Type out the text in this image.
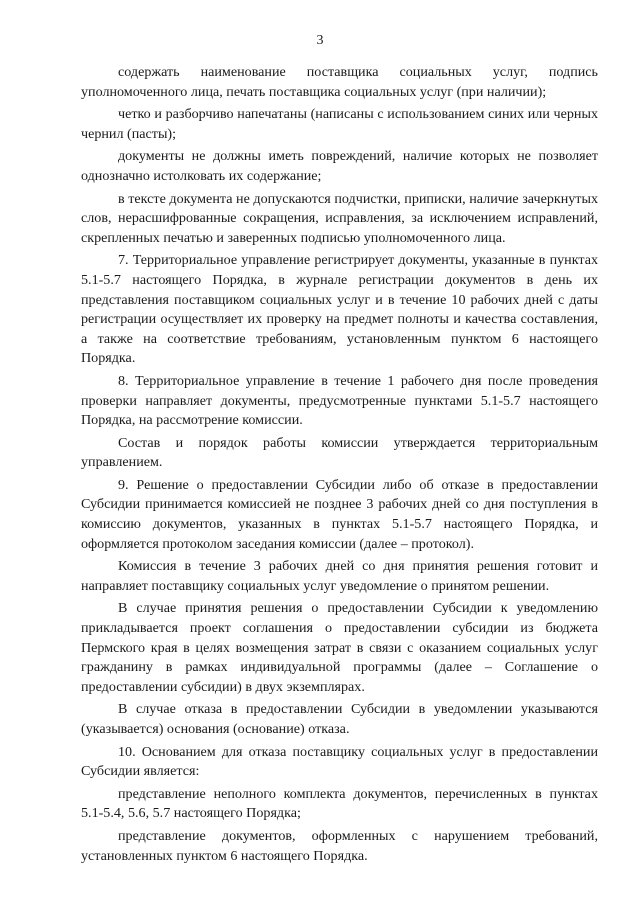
3

содержать наименование поставщика социальных услуг, подпись уполномоченного лица, печать поставщика социальных услуг (при наличии);

четко и разборчиво напечатаны (написаны с использованием синих или черных чернил (пасты);

документы не должны иметь повреждений, наличие которых не позволяет однозначно истолковать их содержание;

в тексте документа не допускаются подчистки, приписки, наличие зачеркнутых слов, нерасшифрованные сокращения, исправления, за исключением исправлений, скрепленных печатью и заверенных подписью уполномоченного лица.

7. Территориальное управление регистрирует документы, указанные в пунктах 5.1-5.7 настоящего Порядка, в журнале регистрации документов в день их представления поставщиком социальных услуг и в течение 10 рабочих дней с даты регистрации осуществляет их проверку на предмет полноты и качества составления, а также на соответствие требованиям, установленным пунктом 6 настоящего Порядка.

8. Территориальное управление в течение 1 рабочего дня после проведения проверки направляет документы, предусмотренные пунктами 5.1-5.7 настоящего Порядка, на рассмотрение комиссии.

Состав и порядок работы комиссии утверждается территориальным управлением.

9. Решение о предоставлении Субсидии либо об отказе в предоставлении Субсидии принимается комиссией не позднее 3 рабочих дней со дня поступления в комиссию документов, указанных в пунктах 5.1-5.7 настоящего Порядка, и оформляется протоколом заседания комиссии (далее – протокол).

Комиссия в течение 3 рабочих дней со дня принятия решения готовит и направляет поставщику социальных услуг уведомление о принятом решении.

В случае принятия решения о предоставлении Субсидии к уведомлению прикладывается проект соглашения о предоставлении субсидии из бюджета Пермского края в целях возмещения затрат в связи с оказанием социальных услуг гражданину в рамках индивидуальной программы (далее – Соглашение о предоставлении субсидии) в двух экземплярах.

В случае отказа в предоставлении Субсидии в уведомлении указываются (указывается) основания (основание) отказа.

10. Основанием для отказа поставщику социальных услуг в предоставлении Субсидии является:

представление неполного комплекта документов, перечисленных в пунктах 5.1-5.4, 5.6, 5.7 настоящего Порядка;

представление документов, оформленных с нарушением требований, установленных пунктом 6 настоящего Порядка.
